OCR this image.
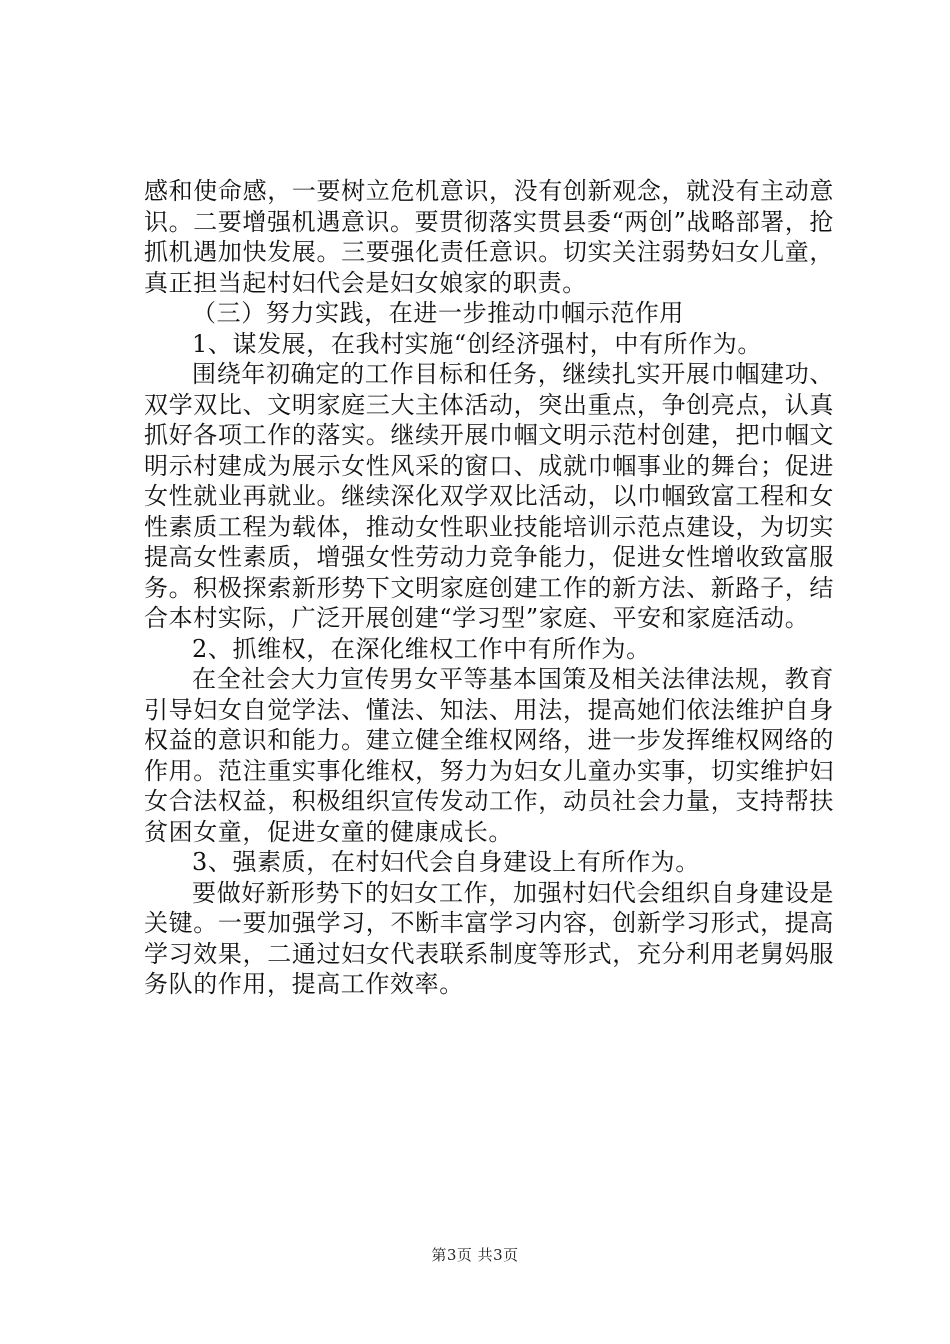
感和使命感，一要树立危机意识，没有创新观念，就没有主动意识。二要增强机遇意识。要贯彻落实贯县委“两创”战略部署，抢抓机遇加快发展。三要强化责任意识。切实关注弱势妇女儿童，真正担当起村妇代会是妇女娘家的职责。

（三）努力实践，在进一步推动巾帼示范作用

1、谋发展，在我村实施“创经济强村，中有所作为。

围绕年初确定的工作目标和任务，继续扎实开展巾帼建功、双学双比、文明家庭三大主体活动，突出重点，争创亮点，认真抓好各项工作的落实。继续开展巾帼文明示范村创建，把巾帼文明示村建成为展示女性风采的窗口、成就巾帼事业的舞台；促进女性就业再就业。继续深化双学双比活动，以巾帼致富工程和女性素质工程为载体，推动女性职业技能培训示范点建设，为切实提高女性素质，增强女性劳动力竞争能力，促进女性增收致富服务。积极探索新形势下文明家庭创建工作的新方法、新路子，结合本村实际，广泛开展创建“学习型”家庭、平安和家庭活动。

2、抓维权，在深化维权工作中有所作为。

在全社会大力宣传男女平等基本国策及相关法律法规，教育引导妇女自觉学法、懂法、知法、用法，提高她们依法维护自身权益的意识和能力。建立健全维权网络，进一步发挥维权网络的作用。范注重实事化维权，努力为妇女儿童办实事，切实维护妇女合法权益，积极组织宣传发动工作，动员社会力量，支持帮扶贫困女童，促进女童的健康成长。

3、强素质，在村妇代会自身建设上有所作为。

要做好新形势下的妇女工作，加强村妇代会组织自身建设是关键。一要加强学习，不断丰富学习内容，创新学习形式，提高学习效果，二通过妇女代表联系制度等形式，充分利用老舅妈服务队的作用，提高工作效率。

第3页 共3页
